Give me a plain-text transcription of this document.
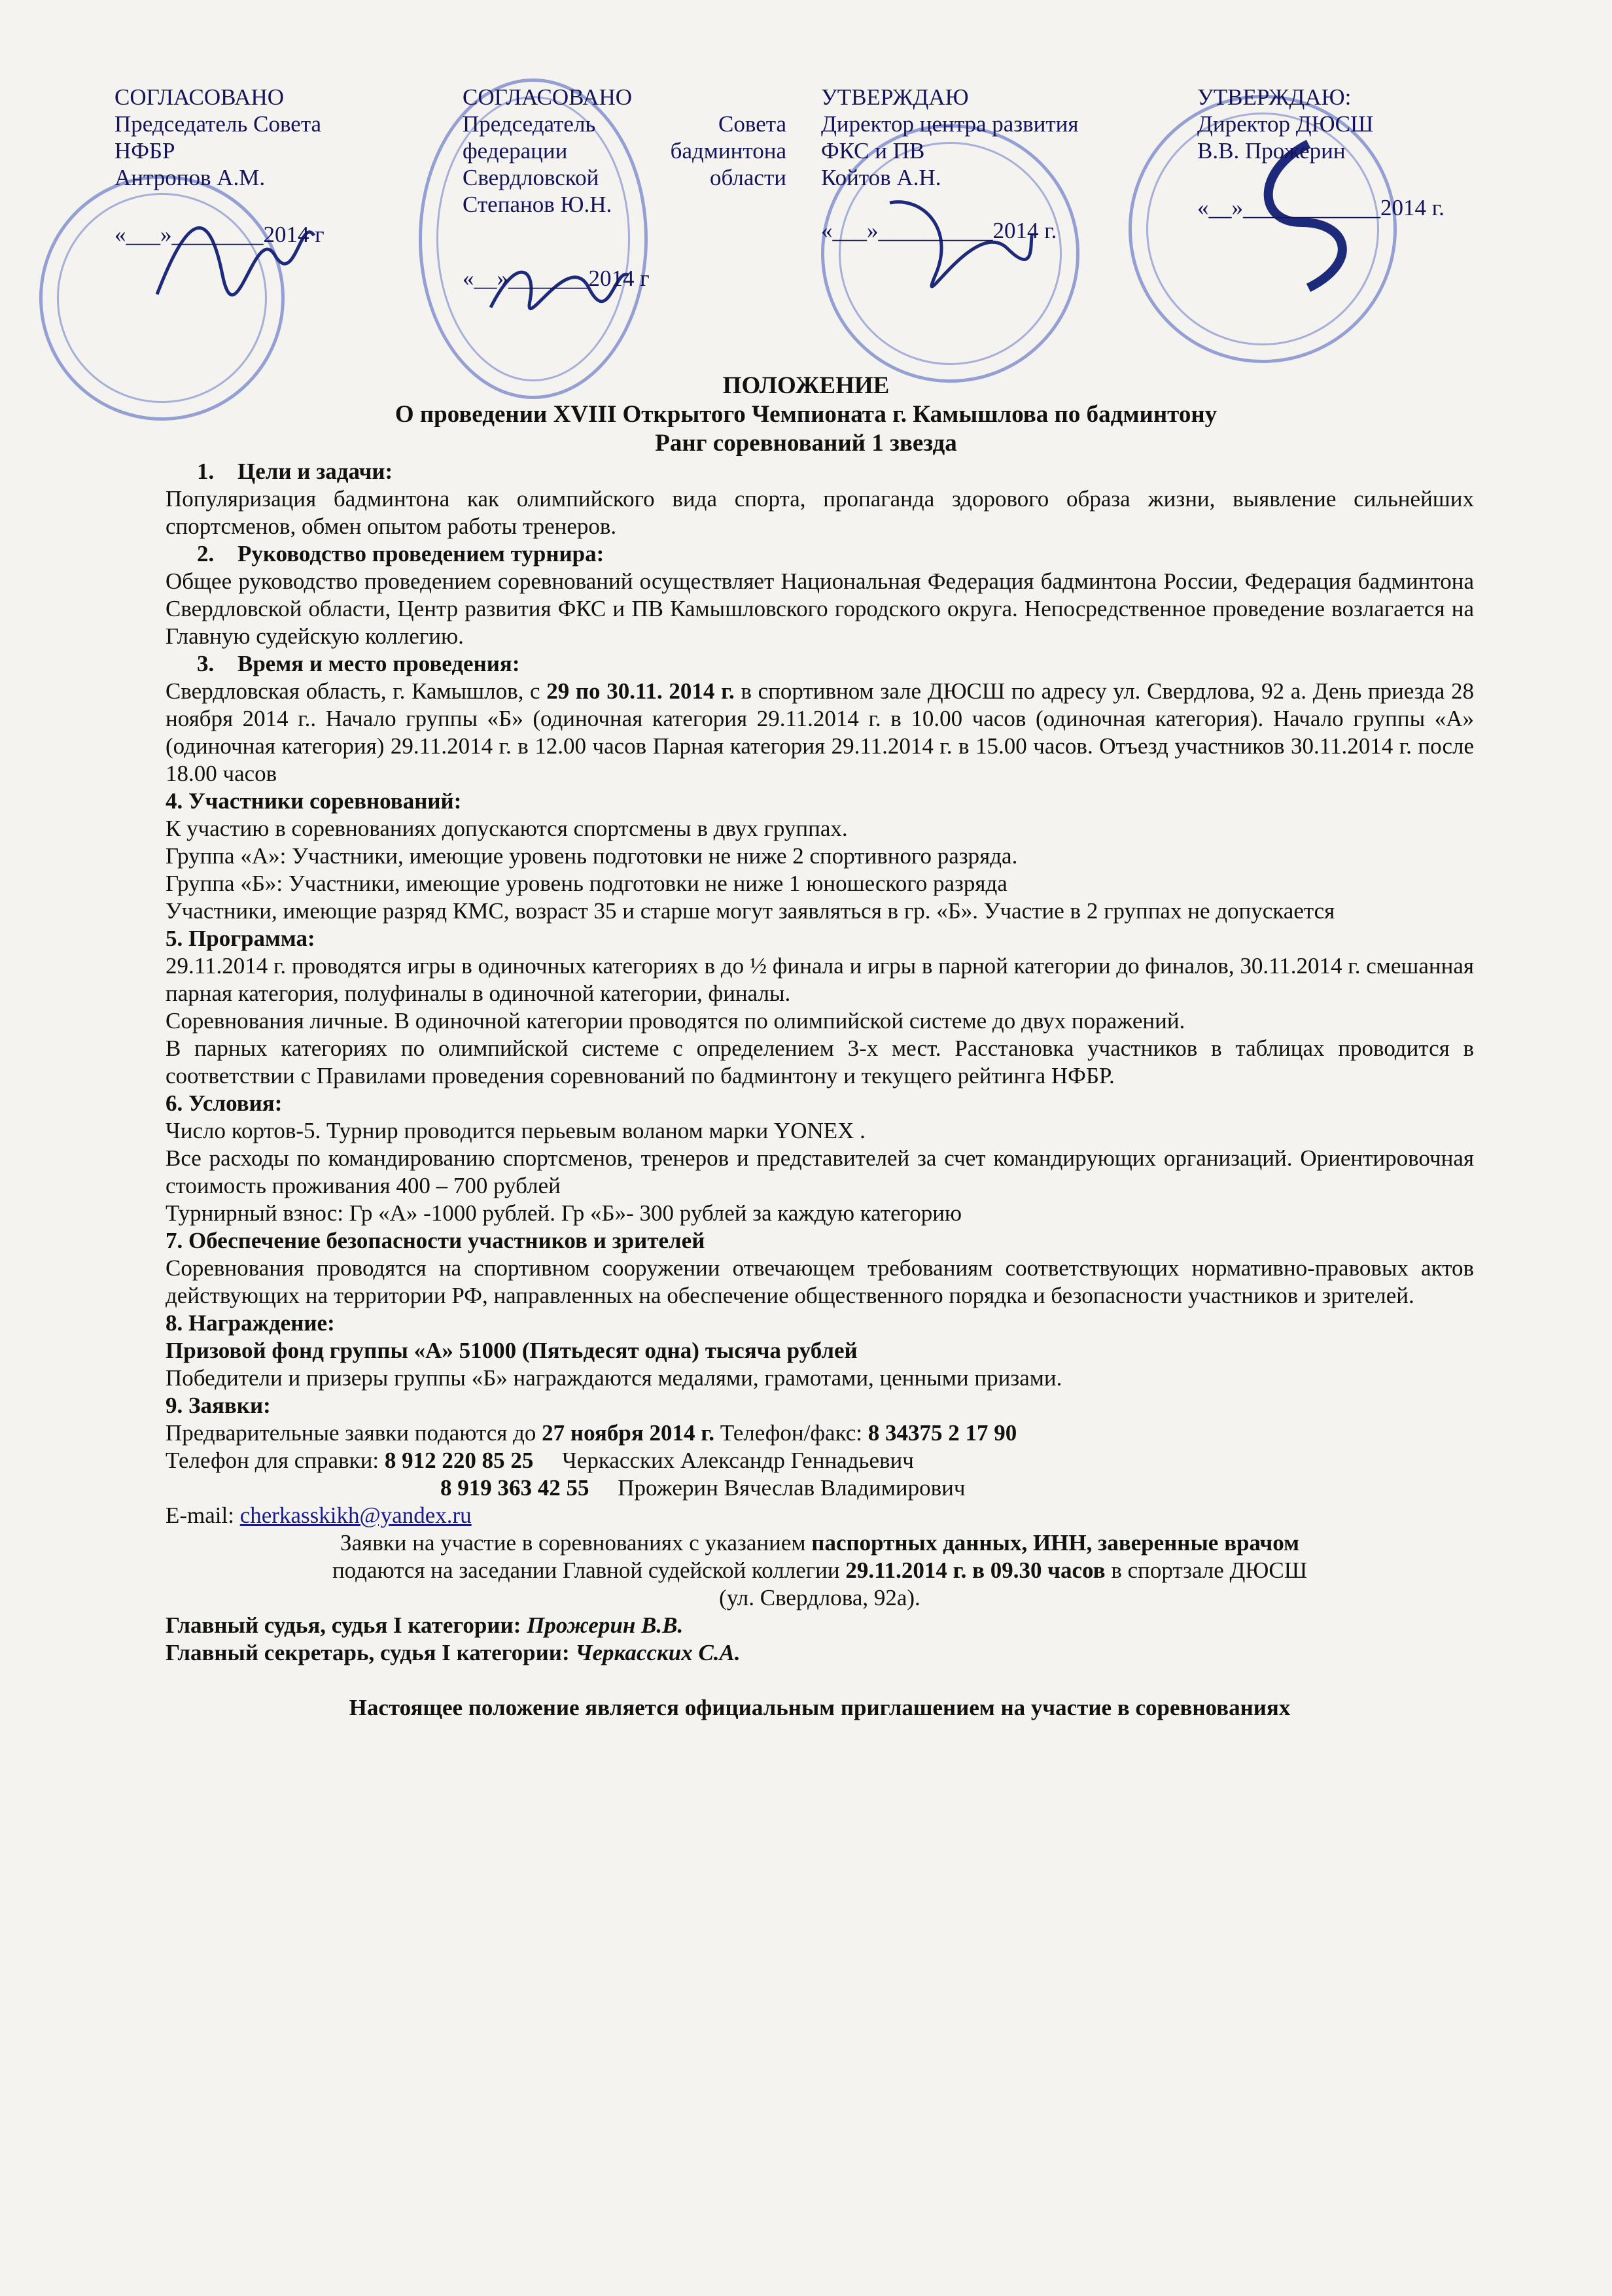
СОГЛАСОВАНО
Председатель Совета
НФБР
Антропов А.М.
«___»________2014 г
СОГЛАСОВАНО
Председатель Совета
федерации бадминтона
Свердловской области
Степанов Ю.Н.
«__»_______2014 г
УТВЕРЖДАЮ
Директор центра развития
ФКС и ПВ
Койтов А.Н.
«___»__________2014 г.
УТВЕРЖДАЮ:
Директор ДЮСШ
В.В. Прожерин
«__»____________2014 г.
ПОЛОЖЕНИЕ
О проведении XVIII Открытого Чемпионата г. Камышлова по бадминтону
Ранг соревнований 1 звезда
1. Цели и задачи:

Популяризация бадминтона как олимпийского вида спорта, пропаганда здорового образа жизни, выявление сильнейших спортсменов, обмен опытом работы тренеров.

2. Руководство проведением турнира:

Общее руководство проведением соревнований осуществляет Национальная Федерация бадминтона России, Федерация бадминтона Свердловской области, Центр развития ФКС и ПВ Камышловского городского округа. Непосредственное проведение возлагается на Главную судейскую коллегию.

3. Время и место проведения:

Свердловская область, г. Камышлов, с 29 по 30.11. 2014 г. в спортивном зале ДЮСШ по адресу ул. Свердлова, 92 а. День приезда 28 ноября 2014 г.. Начало группы «Б» (одиночная категория 29.11.2014 г. в 10.00 часов (одиночная категория). Начало группы «А» (одиночная категория) 29.11.2014 г. в 12.00 часов Парная категория 29.11.2014 г. в 15.00 часов. Отъезд участников 30.11.2014 г. после 18.00 часов

4. Участники соревнований:

К участию в соревнованиях допускаются спортсмены в двух группах.

Группа «А»: Участники, имеющие уровень подготовки не ниже 2 спортивного разряда.

Группа «Б»: Участники, имеющие уровень подготовки не ниже 1 юношеского разряда

Участники, имеющие разряд КМС, возраст 35 и старше могут заявляться в гр. «Б». Участие в 2 группах не допускается

5. Программа:

29.11.2014 г. проводятся игры в одиночных категориях в до ½ финала и игры в парной категории до финалов, 30.11.2014 г. смешанная парная категория, полуфиналы в одиночной категории, финалы.

Соревнования личные. В одиночной категории проводятся по олимпийской системе до двух поражений.

В парных категориях по олимпийской системе с определением 3-х мест. Расстановка участников в таблицах проводится в соответствии с Правилами проведения соревнований по бадминтону и текущего рейтинга НФБР.

6. Условия:

Число кортов-5. Турнир проводится перьевым воланом марки YONEX .

Все расходы по командированию спортсменов, тренеров и представителей за счет командирующих организаций. Ориентировочная стоимость проживания 400 – 700 рублей

Турнирный взнос: Гр «А» -1000 рублей. Гр «Б»- 300 рублей за каждую категорию

7. Обеспечение безопасности участников и зрителей

Соревнования проводятся на спортивном сооружении отвечающем требованиям соответствующих нормативно-правовых актов действующих на территории РФ, направленных на обеспечение общественного порядка и безопасности участников и зрителей.

8. Награждение:

Призовой фонд группы «А» 51000 (Пятьдесят одна) тысяча рублей

Победители и призеры группы «Б» награждаются медалями, грамотами, ценными призами.

9. Заявки:

Предварительные заявки подаются до 27 ноября 2014 г. Телефон/факс: 8 34375 2 17 90

Телефон для справки: 8 912 220 85 25     Черкасских Александр Геннадьевич

8 919 363 42 55     Прожерин Вячеслав Владимирович

E-mail: cherkasskikh@yandex.ru

Заявки на участие в соревнованиях с указанием паспортных данных, ИНН, заверенные врачом

подаются на заседании Главной судейской коллегии 29.11.2014 г. в 09.30 часов в спортзале ДЮСШ

(ул. Свердлова, 92а).

Главный судья, судья I категории: Прожерин В.В.

Главный секретарь, судья I категории: Черкасских С.А.

Настоящее положение является официальным приглашением на участие в соревнованиях
